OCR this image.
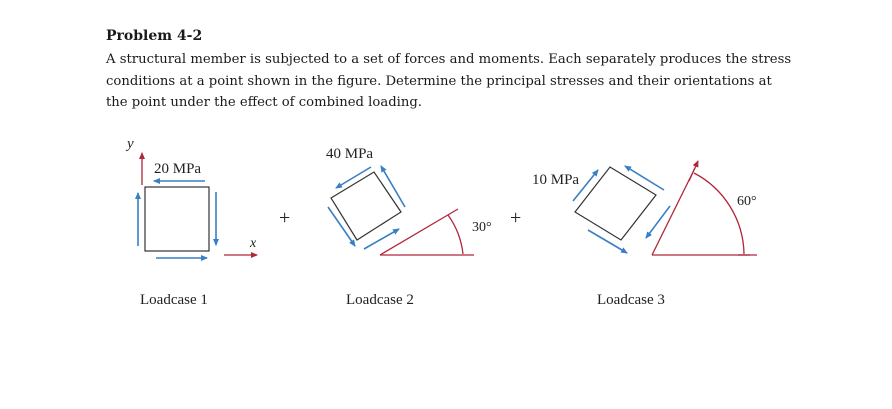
Problem 4-2

A structural member is subjected to a set of forces and moments. Each separately produces the stress conditions at a point shown in the figure. Determine the principal stresses and their orientations at the point under the effect of combined loading.

y
x
20 MPa
Loadcase 1
+
40 MPa
30°
Loadcase 2
+
10 MPa
60°
Loadcase 3
